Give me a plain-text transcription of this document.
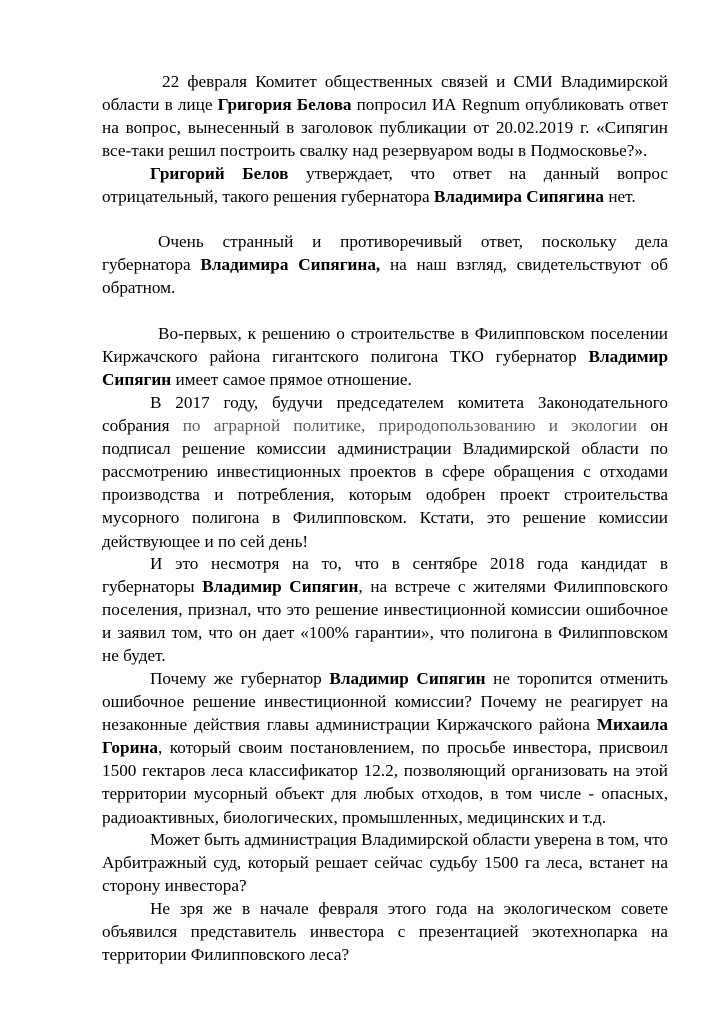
22 февраля Комитет общественных связей и СМИ Владимирской области в лице Григория Белова попросил ИА Regnum опубликовать ответ на вопрос, вынесенный в заголовок публикации от 20.02.2019 г. «Сипягин все-таки решил построить свалку над резервуаром воды в Подмосковье?».

Григорий Белов утверждает, что ответ на данный вопрос отрицательный, такого решения губернатора Владимира Сипягина нет.

Очень странный и противоречивый ответ, поскольку дела губернатора Владимира Сипягина, на наш взгляд, свидетельствуют об обратном.

Во-первых, к решению о строительстве в Филипповском поселении Киржачского района гигантского полигона ТКО губернатор Владимир Сипягин имеет самое прямое отношение.

В 2017 году, будучи председателем комитета Законодательного собрания по аграрной политике, природопользованию и экологии он подписал решение комиссии администрации Владимирской области по рассмотрению инвестиционных проектов в сфере обращения с отходами производства и потребления, которым одобрен проект строительства мусорного полигона в Филипповском. Кстати, это решение комиссии действующее и по сей день!

И это несмотря на то, что в сентябре 2018 года кандидат в губернаторы Владимир Сипягин, на встрече с жителями Филипповского поселения, признал, что это решение инвестиционной комиссии ошибочное и заявил том, что он дает «100% гарантии», что полигона в Филипповском не будет.

Почему же губернатор Владимир Сипягин не торопится отменить ошибочное решение инвестиционной комиссии? Почему не реагирует на незаконные действия главы администрации Киржачского района Михаила Горина, который своим постановлением, по просьбе инвестора, присвоил 1500 гектаров леса классификатор 12.2, позволяющий организовать на этой территории мусорный объект для любых отходов, в том числе - опасных, радиоактивных, биологических, промышленных, медицинских и т.д.

Может быть администрация Владимирской области уверена в том, что Арбитражный суд, который решает сейчас судьбу 1500 га леса, встанет на сторону инвестора?

Не зря же в начале февраля этого года на экологическом совете объявился представитель инвестора с презентацией экотехнопарка на территории Филипповского леса?
